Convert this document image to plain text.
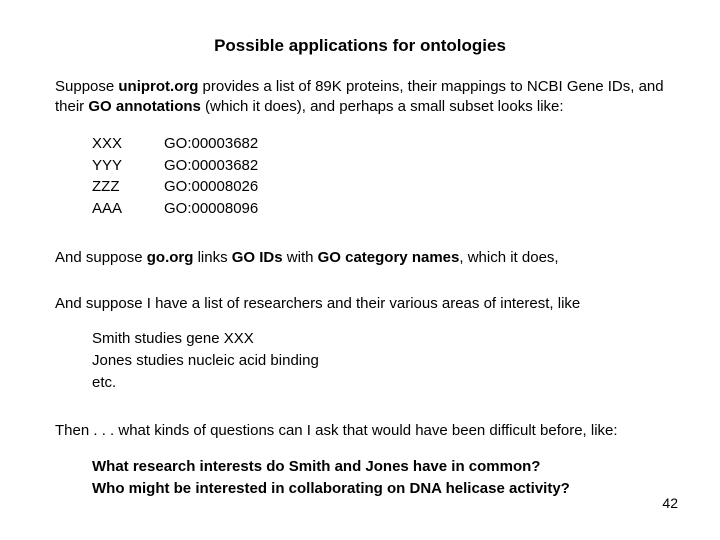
Possible applications for ontologies

Suppose uniprot.org provides a list of 89K proteins, their mappings to NCBI Gene IDs, and their GO annotations (which it does), and perhaps a small subset looks like:

XXX	GO:00003682
YYY	GO:00003682
ZZZ	GO:00008026
AAA	GO:00008096

And suppose go.org links GO IDs with GO category names, which it does,

And suppose I have a list of researchers and their various areas of interest, like

Smith studies gene XXX
Jones studies nucleic acid binding
etc.

Then . . . what kinds of questions can I ask that would have been difficult before, like:

What research interests do Smith and Jones have in common?
Who might be interested in collaborating on DNA helicase activity?
42
